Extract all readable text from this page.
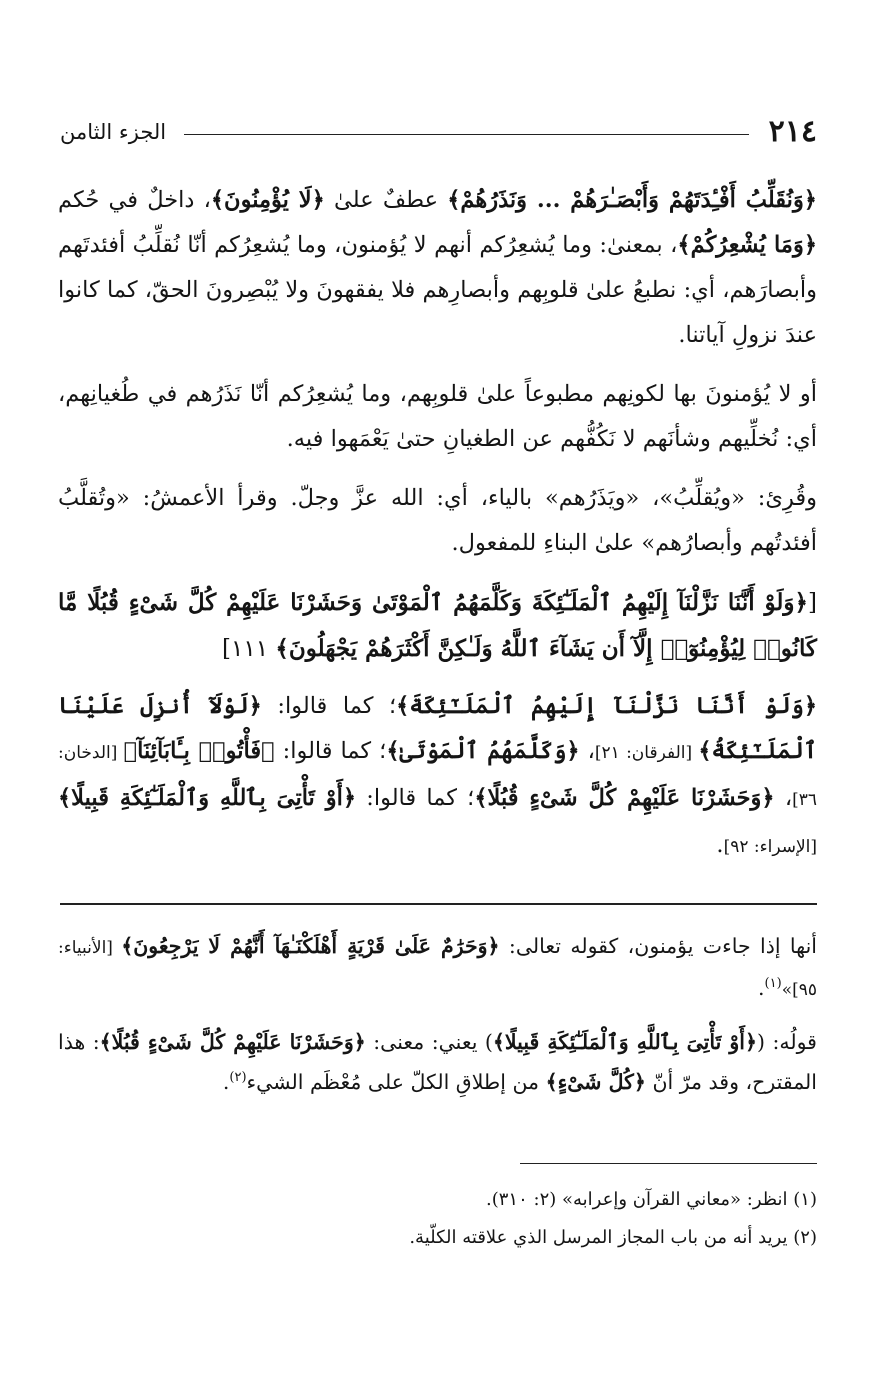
٢١٤
الجزء الثامن

﴿وَنُقَلِّبُ أَفْـِٔدَتَهُمْ وَأَبْصَـٰرَهُمْ ... وَنَذَرُهُمْ﴾ عطفٌ علىٰ ﴿لَا يُؤْمِنُونَ﴾، داخلٌ في حُكم ﴿وَمَا يُشْعِرُكُمْ﴾، بمعنىٰ: وما يُشعِرُكم أنهم لا يُؤمنون، وما يُشعِرُكم أنّا نُقلِّبُ أفئدتَهم وأبصارَهم، أي: نطبعُ علىٰ قلوبِهم وأبصارِهم فلا يفقهونَ ولا يُبْصِرونَ الحقّ، كما كانوا عندَ نزولِ آياتنا.

أو لا يُؤمنونَ بها لكونِهم مطبوعاً علىٰ قلوبِهم، وما يُشعِرُكم أنّا نَذَرُهم في طُغيانِهم، أي: نُخلِّيهم وشأنَهم لا نَكُفُّهم عن الطغيانِ حتىٰ يَعْمَهوا فيه.

وقُرِئ: «ويُقلِّبُ»، «ويَذَرُهم» بالياء، أي: الله عزَّ وجلّ. وقرأ الأعمشُ: «وتُقلَّبُ أفئدتُهم وأبصارُهم» علىٰ البناءِ للمفعول.

[﴿وَلَوْ أَنَّنَا نَزَّلْنَآ إِلَيْهِمُ ٱلْمَلَـٰٓئِكَةَ وَكَلَّمَهُمُ ٱلْمَوْتَىٰ وَحَشَرْنَا عَلَيْهِمْ كُلَّ شَىْءٍ قُبُلًا مَّا كَانُوا۟ لِيُؤْمِنُوٓا۟ إِلَّآ أَن يَشَآءَ ٱللَّهُ وَلَـٰكِنَّ أَكْثَرَهُمْ يَجْهَلُونَ﴾ ١١١]

﴿وَلَوْ أَنَّنَا نَزَّلْنَآ إِلَيْهِمُ ٱلْمَلَـٰٓئِكَةَ﴾؛ كما قالوا: ﴿لَوْلَآ أُنزِلَ عَلَيْنَا ٱلْمَلَـٰٓئِكَةُ﴾ [الفرقان: ٢١]، ﴿وَكَلَّمَهُمُ ٱلْمَوْتَىٰ﴾؛ كما قالوا: ﴿فَأْتُوا۟ بِـَٔابَآئِنَآ﴾ [الدخان: ٣٦]، ﴿وَحَشَرْنَا عَلَيْهِمْ كُلَّ شَىْءٍ قُبُلًا﴾؛ كما قالوا: ﴿أَوْ تَأْتِىَ بِٱللَّهِ وَٱلْمَلَـٰٓئِكَةِ قَبِيلًا﴾ [الإسراء: ٩٢].

أنها إذا جاءت يؤمنون، كقوله تعالى: ﴿وَحَرَٰمٌ عَلَىٰ قَرْيَةٍ أَهْلَكْنَـٰهَآ أَنَّهُمْ لَا يَرْجِعُونَ﴾ [الأنبياء: ٩٥]»$^{(١)}$.

قولُه: (﴿أَوْ تَأْتِىَ بِٱللَّهِ وَٱلْمَلَـٰٓئِكَةِ قَبِيلًا﴾) يعني: معنى: ﴿وَحَشَرْنَا عَلَيْهِمْ كُلَّ شَىْءٍ قُبُلًا﴾: هذا المقترح، وقد مرّ أنّ ﴿كُلَّ شَىْءٍ﴾ من إطلاقِ الكلّ على مُعْظَم الشيء$^{(٢)}$.

(١) انظر: «معاني القرآن وإعرابه» (٢: ٣١٠).

(٢) يريد أنه من باب المجاز المرسل الذي علاقته الكلّية.
